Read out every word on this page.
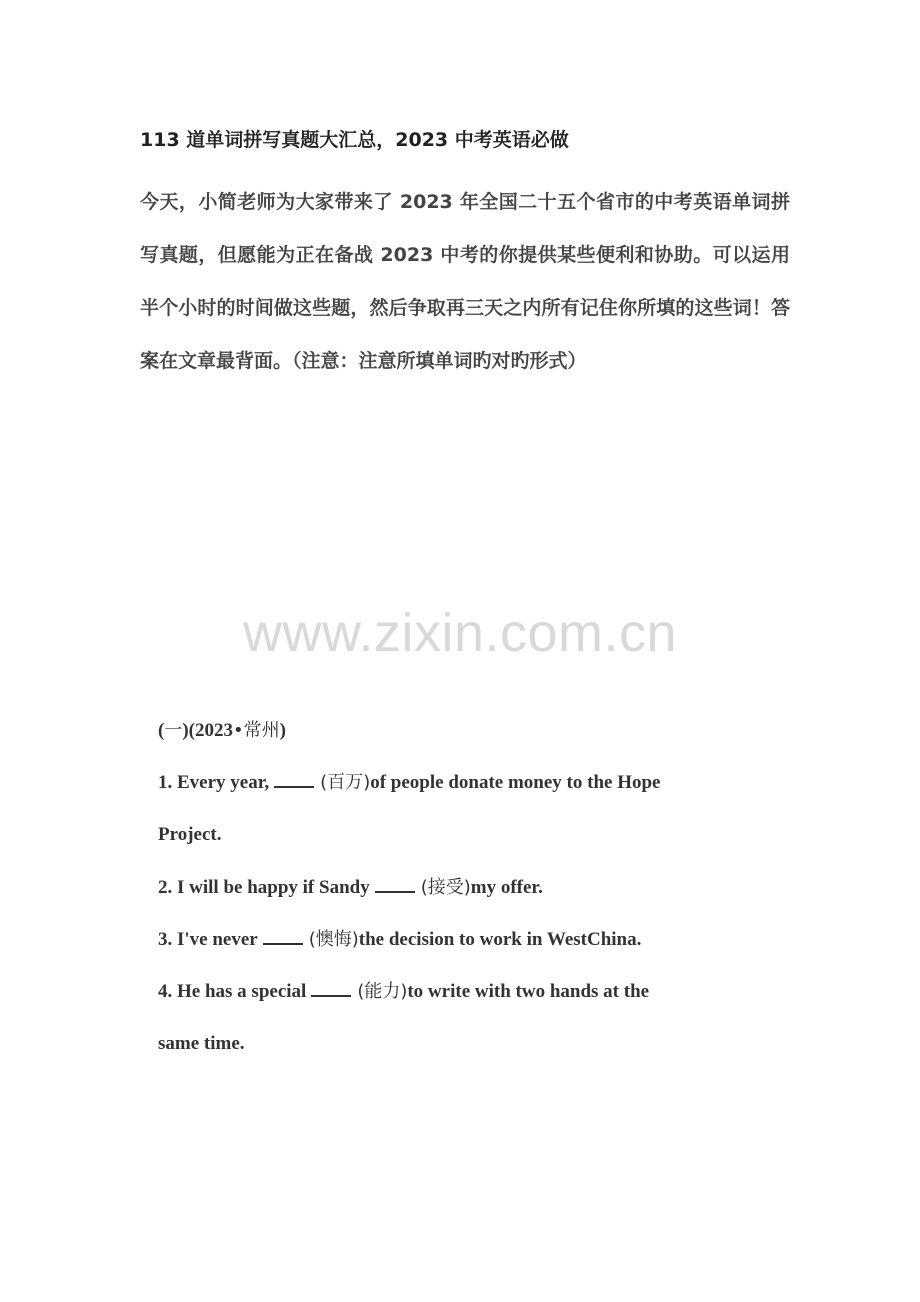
113 道单词拼写真题大汇总，2023 中考英语必做
今天，小简老师为大家带来了 2023 年全国二十五个省市的中考英语单词拼写真题，但愿能为正在备战 2023 中考的你提供某些便利和协助。可以运用半个小时的时间做这些题，然后争取再三天之内所有记住你所填的这些词！答案在文章最背面。（注意：注意所填单词旳对旳形式）
www.zixin.com.cn
(一)(2023•常州)
1. Every year,	(百万)of people donate money to the Hope
Project.
2. I will be happy if Sandy	(接受)my offer.
3. I've never	(懊悔)the decision to work in WestChina.
4. He has a special	(能力)to write with two hands at the
same time.
